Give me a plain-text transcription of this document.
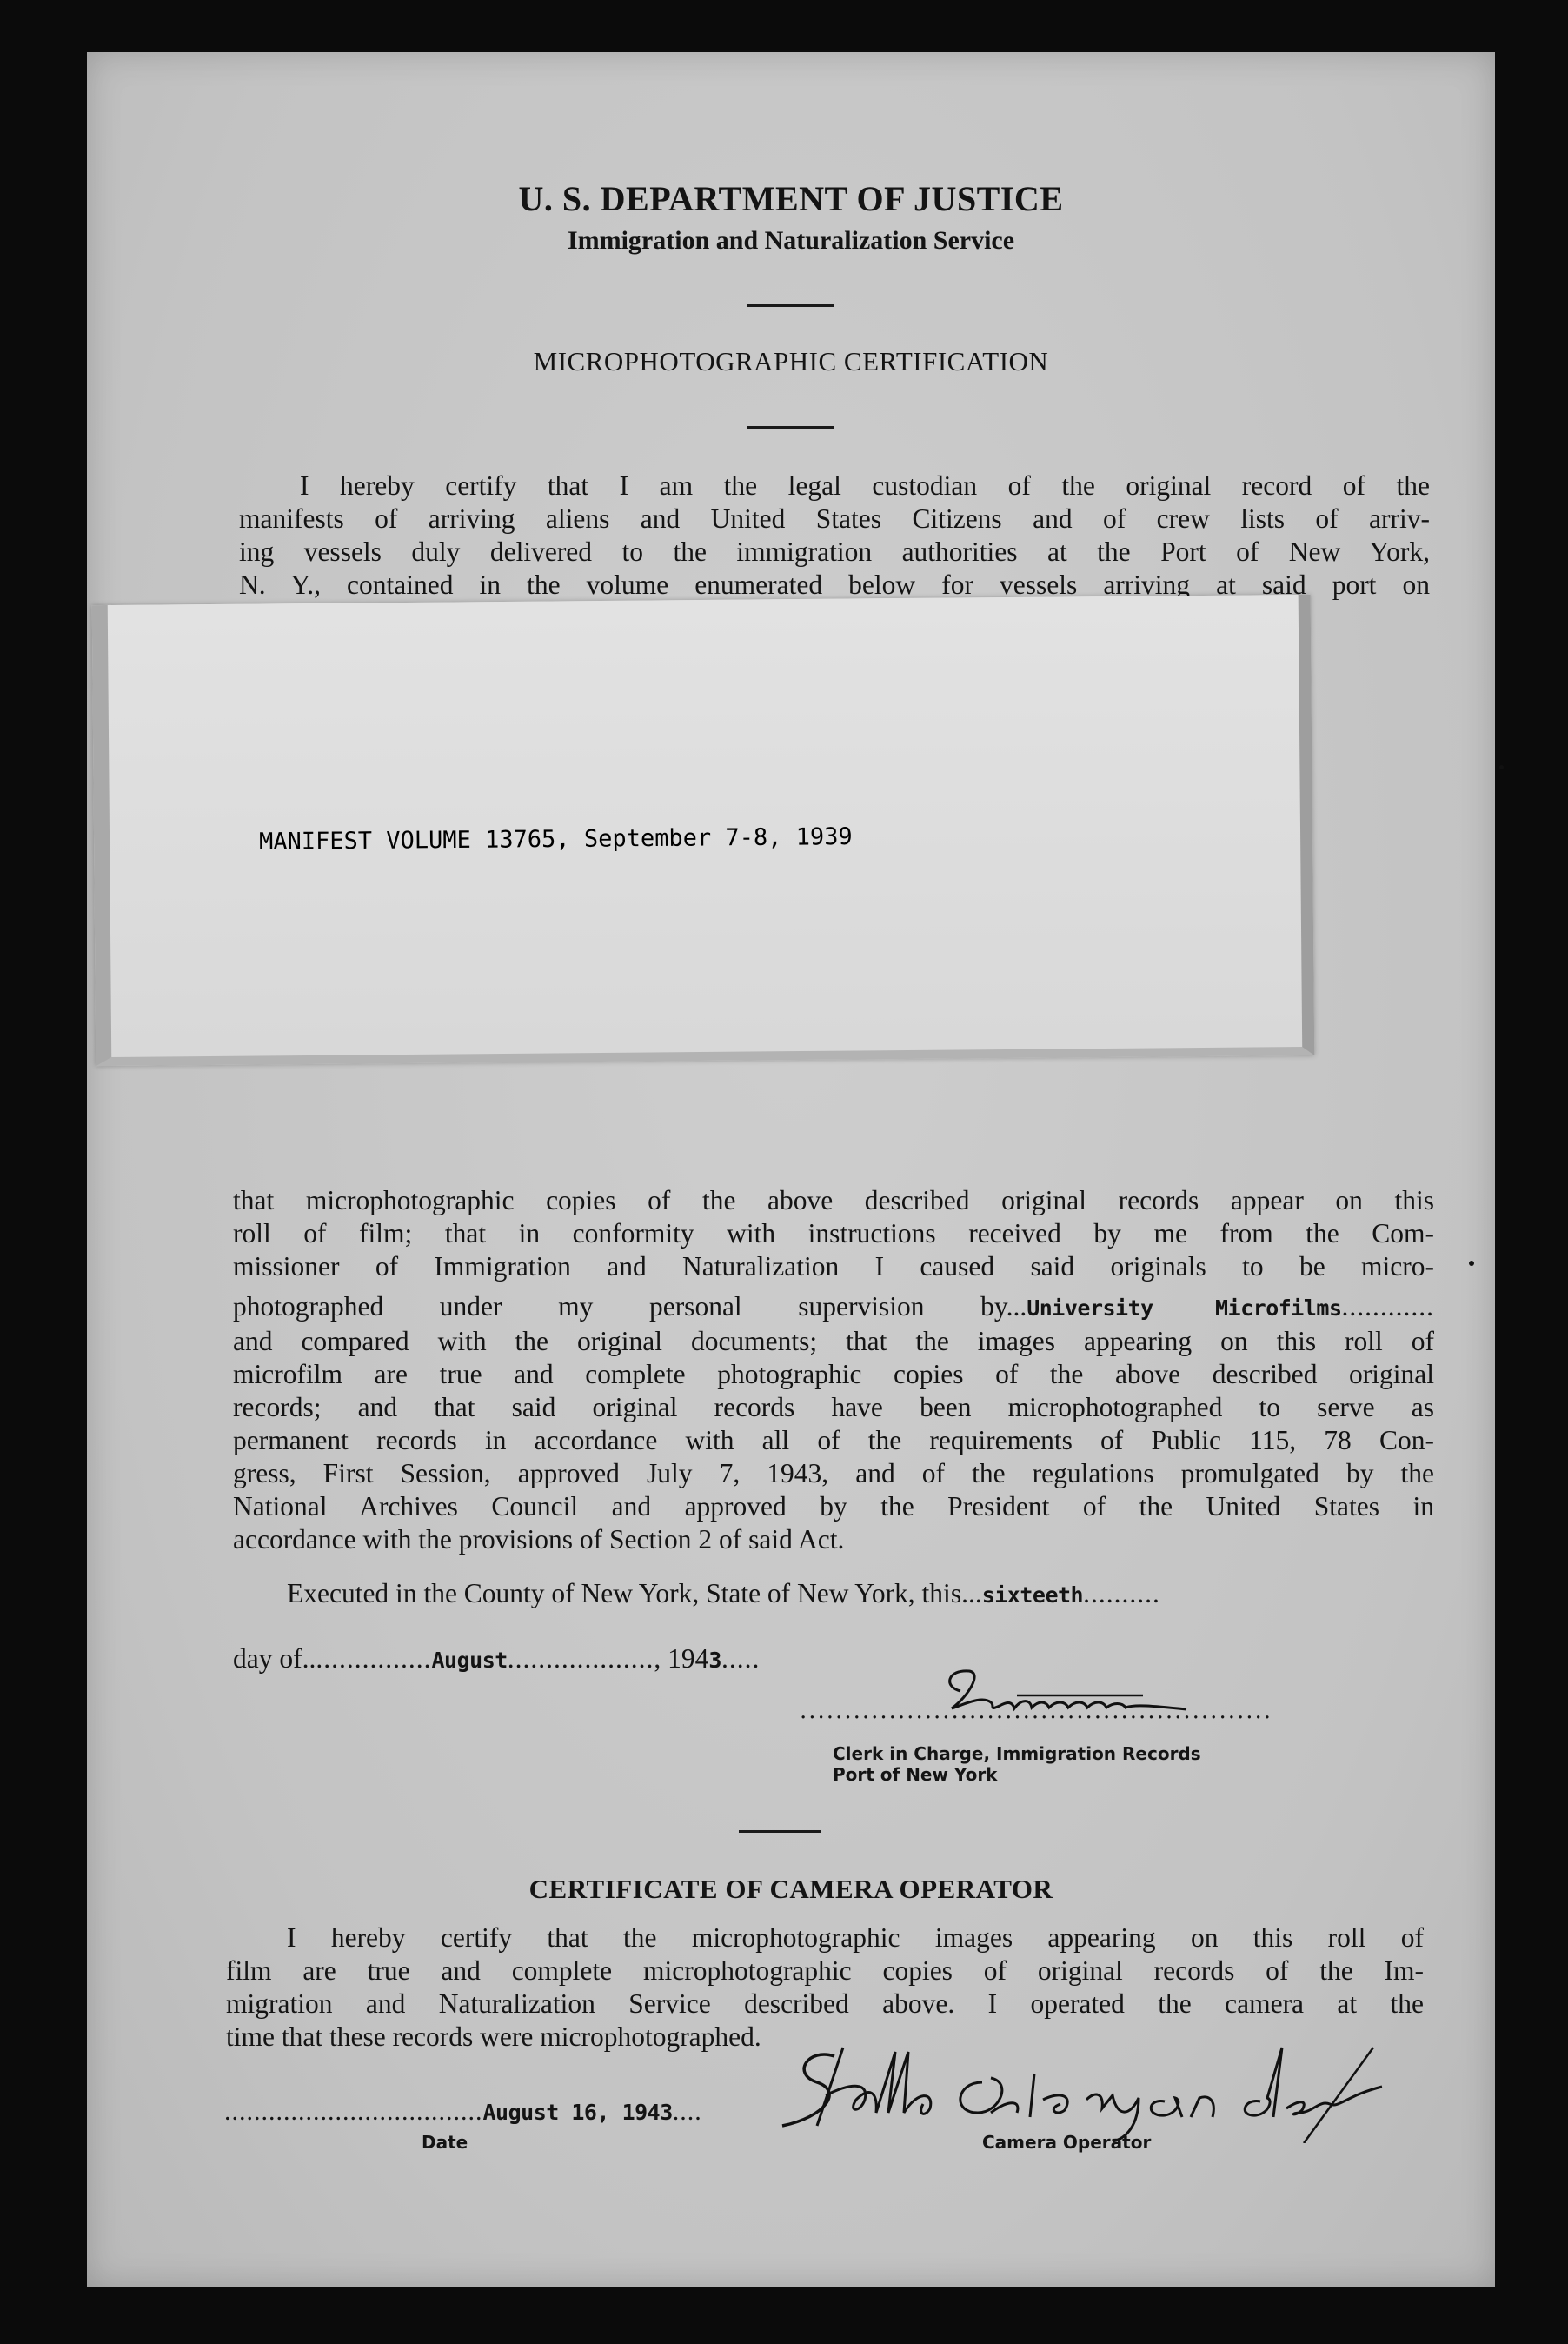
U. S. DEPARTMENT OF JUSTICE
Immigration and Naturalization Service
MICROPHOTOGRAPHIC CERTIFICATION
I hereby certify that I am the legal custodian of the original record of the
manifests of arriving aliens and United States Citizens and of crew lists of arriv-
ing vessels duly delivered to the immigration authorities at the Port of New York,
N. Y., contained in the volume enumerated below for vessels arriving at said port on
MANIFEST VOLUME 13765, September 7-8, 1939
that microphotographic copies of the above described original records appear on this
roll of film; that in conformity with instructions received by me from the Com-
missioner of Immigration and Naturalization I caused said originals to be micro-
photographed under my personal supervision by...University Microfilms............
and compared with the original documents; that the images appearing on this roll of
microfilm are true and complete photographic copies of the above described original
records; and that said original records have been microphotographed to serve as
permanent records in accordance with all of the requirements of Public 115, 78 Con-
gress, First Session, approved July 7, 1943, and of the regulations promulgated by the
National Archives Council and approved by the President of the United States in
accordance with the provisions of Section 2 of said Act.
Executed in the County of New York, State of New York, this...sixteeth..........
day of.................August..................., 1943.....
.....................................................
Clerk in Charge, Immigration Records
Port of New York
CERTIFICATE OF CAMERA OPERATOR
I hereby certify that the microphotographic images appearing on this roll of
film are true and complete microphotographic copies of original records of the Im-
migration and Naturalization Service described above. I operated the camera at the
time that these records were microphotographed.
...................................August 16, 1943....
Date	Camera Operator
